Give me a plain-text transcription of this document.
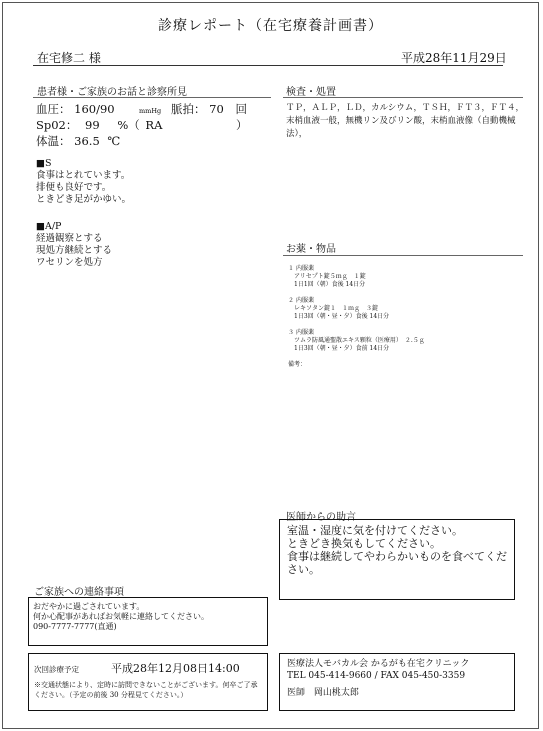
診療レポート（在宅療養計画書）
在宅修二 様	平成28年11月29日
患者様・ご家族のお話と診察所見
血圧： 160/90	mmHg 脈拍： 70 回
Sp02： 99 %（ RA	）
体温： 36.5 ℃
■S
食事はとれています。
排便も良好です。
ときどき足がかゆい。
■A/P
経過観察とする
現処方継続とする
ワセリンを処方
検査・処置
ＴＰ，ＡＬＰ，ＬＤ，カルシウム，ＴＳＨ，ＦＴ３，ＦＴ４，末梢血液一般，無機リン及びリン酸，末梢血液像（自動機械法），
お薬・物品
１ 内服薬
アリセプト錠５ｍｇ　１錠
1日1回（朝）食後 14日分
２ 内服薬
レキソタン錠１　１ｍｇ　３錠
1日3回（朝・昼・夕）食後 14日分
３ 内服薬
ツムラ防風通聖散エキス顆粒（医療用）　２.５ｇ
1日3回（朝・昼・夕）食前 14日分
備考：
医師からの助言
室温・湿度に気を付けてください。
ときどき換気もしてください。
食事は継続してやわらかいものを食べてください。
ご家族への連絡事項
おだやかに過ごされています。
何か心配事があればお気軽に連絡してください。
090-7777-7777(直通)
次回診療予定	平成28年12月08日14:00
※交通状態により、定時に訪問できないことがございます。何卒ご了承ください。（予定の前後 30 分程見てください。）
医療法人モバカル会 かるがも在宅クリニック
TEL 045-414-9660 / FAX 045-450-3359
医師 岡山桃太郎
